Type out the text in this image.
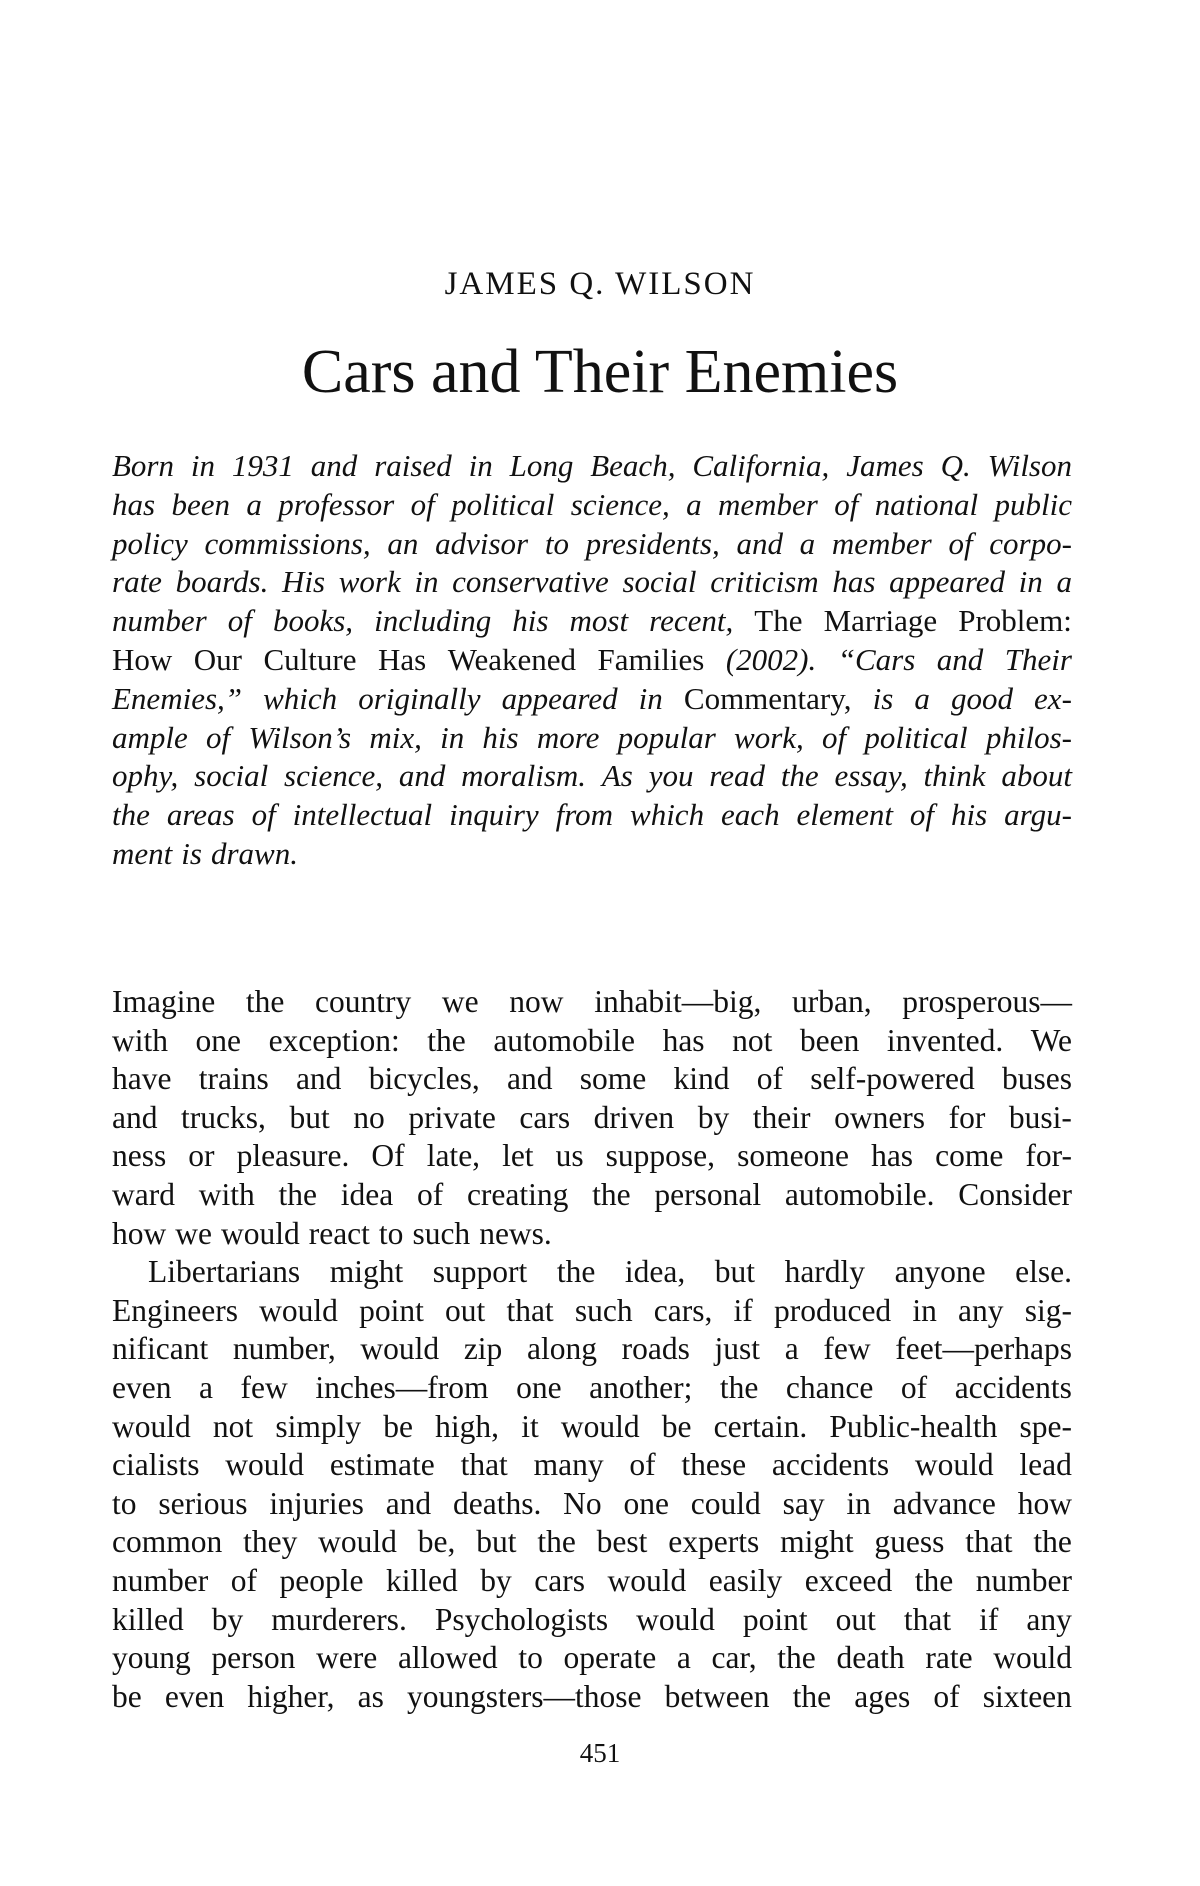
JAMES Q. WILSON
Cars and Their Enemies
Born in 1931 and raised in Long Beach, California, James Q. Wilson
has been a professor of political science, a member of national public
policy commissions, an advisor to presidents, and a member of corpo-
rate boards. His work in conservative social criticism has appeared in a
number of books, including his most recent, The Marriage Problem:
How Our Culture Has Weakened Families (2002). “Cars and Their
Enemies,” which originally appeared in Commentary, is a good ex-
ample of Wilson’s mix, in his more popular work, of political philos-
ophy, social science, and moralism. As you read the essay, think about
the areas of intellectual inquiry from which each element of his argu-
ment is drawn.
Imagine the country we now inhabit—big, urban, prosperous—
with one exception: the automobile has not been invented. We
have trains and bicycles, and some kind of self-powered buses
and trucks, but no private cars driven by their owners for busi-
ness or pleasure. Of late, let us suppose, someone has come for-
ward with the idea of creating the personal automobile. Consider
how we would react to such news.
Libertarians might support the idea, but hardly anyone else.
Engineers would point out that such cars, if produced in any sig-
nificant number, would zip along roads just a few feet—perhaps
even a few inches—from one another; the chance of accidents
would not simply be high, it would be certain. Public-health spe-
cialists would estimate that many of these accidents would lead
to serious injuries and deaths. No one could say in advance how
common they would be, but the best experts might guess that the
number of people killed by cars would easily exceed the number
killed by murderers. Psychologists would point out that if any
young person were allowed to operate a car, the death rate would
be even higher, as youngsters—those between the ages of sixteen
451
